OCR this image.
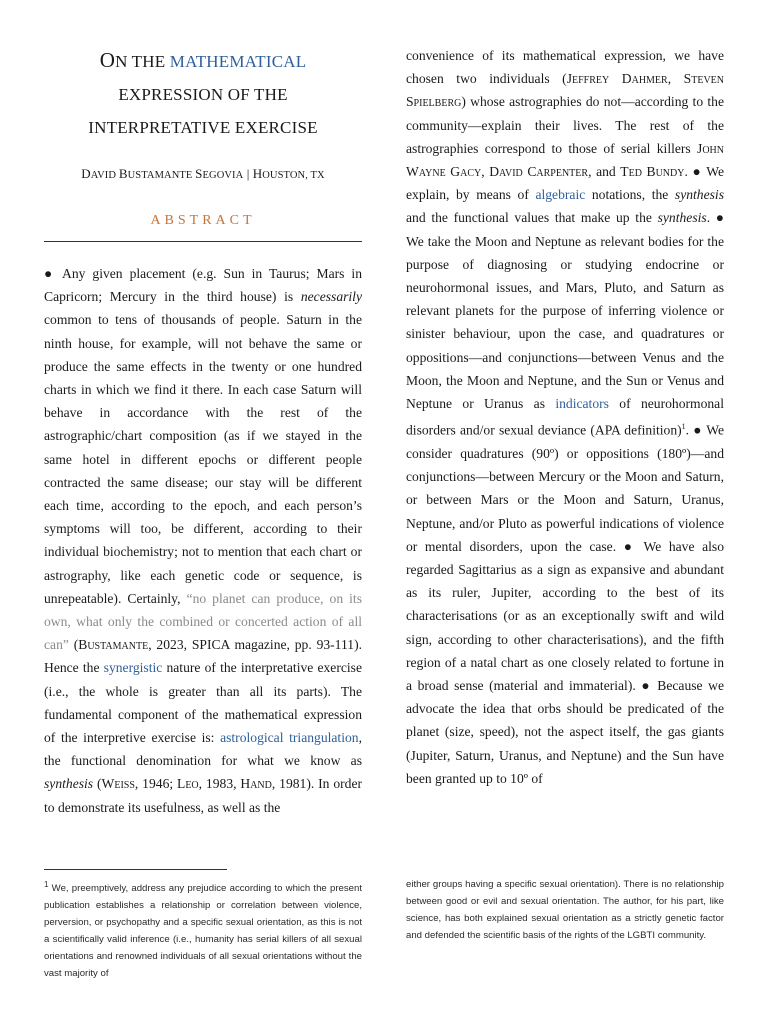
ON THE MATHEMATICAL
EXPRESSION OF THE
INTERPRETATIVE EXERCISE
DAVID BUSTAMANTE SEGOVIA | HOUSTON, TX
ABSTRACT
● Any given placement (e.g. Sun in Taurus; Mars in Capricorn; Mercury in the third house) is necessarily common to tens of thousands of people. Saturn in the ninth house, for example, will not behave the same or produce the same effects in the twenty or one hundred charts in which we find it there. In each case Saturn will behave in accordance with the rest of the astrographic/chart composition (as if we stayed in the same hotel in different epochs or different people contracted the same disease; our stay will be different each time, according to the epoch, and each person’s symptoms will too, be different, according to their individual biochemistry; not to mention that each chart or astrography, like each genetic code or sequence, is unrepeatable). Certainly, “no planet can produce, on its own, what only the combined or concerted action of all can” (Bustamante, 2023, SPICA magazine, pp. 93-111). Hence the synergistic nature of the interpretative exercise (i.e., the whole is greater than all its parts). The fundamental component of the mathematical expression of the interpretive exercise is: astrological triangulation, the functional denomination for what we know as synthesis (Weiss, 1946; Leo, 1983, Hand, 1981). In order to demonstrate its usefulness, as well as the
convenience of its mathematical expression, we have chosen two individuals (Jeffrey Dahmer, Steven Spielberg) whose astrographies do not—according to the community—explain their lives. The rest of the astrographies correspond to those of serial killers John Wayne Gacy, David Carpenter, and Ted Bundy. ● We explain, by means of algebraic notations, the synthesis and the functional values that make up the synthesis. ● We take the Moon and Neptune as relevant bodies for the purpose of diagnosing or studying endocrine or neurohormonal issues, and Mars, Pluto, and Saturn as relevant planets for the purpose of inferring violence or sinister behaviour, upon the case, and quadratures or oppositions—and conjunctions—between Venus and the Moon, the Moon and Neptune, and the Sun or Venus and Neptune or Uranus as indicators of neurohormonal disorders and/or sexual deviance (APA definition)$^1$. ● We consider quadratures (90º) or oppositions (180º)—and conjunctions—between Mercury or the Moon and Saturn, or between Mars or the Moon and Saturn, Uranus, Neptune, and/or Pluto as powerful indications of violence or mental disorders, upon the case. ● We have also regarded Sagittarius as a sign as expansive and abundant as its ruler, Jupiter, according to the best of its characterisations (or as an exceptionally swift and wild sign, according to other characterisations), and the fifth region of a natal chart as one closely related to fortune in a broad sense (material and immaterial). ● Because we advocate the idea that orbs should be predicated of the planet (size, speed), not the aspect itself, the gas giants (Jupiter, Saturn, Uranus, and Neptune) and the Sun have been granted up to 10º of
$^1$ We, preemptively, address any prejudice according to which the present publication establishes a relationship or correlation between violence, perversion, or psychopathy and a specific sexual orientation, as this is not a scientifically valid inference (i.e., humanity has serial killers of all sexual orientations and renowned individuals of all sexual orientations without the vast majority of
either groups having a specific sexual orientation). There is no relationship between good or evil and sexual orientation. The author, for his part, like science, has both explained sexual orientation as a strictly genetic factor and defended the scientific basis of the rights of the LGBTI community.
